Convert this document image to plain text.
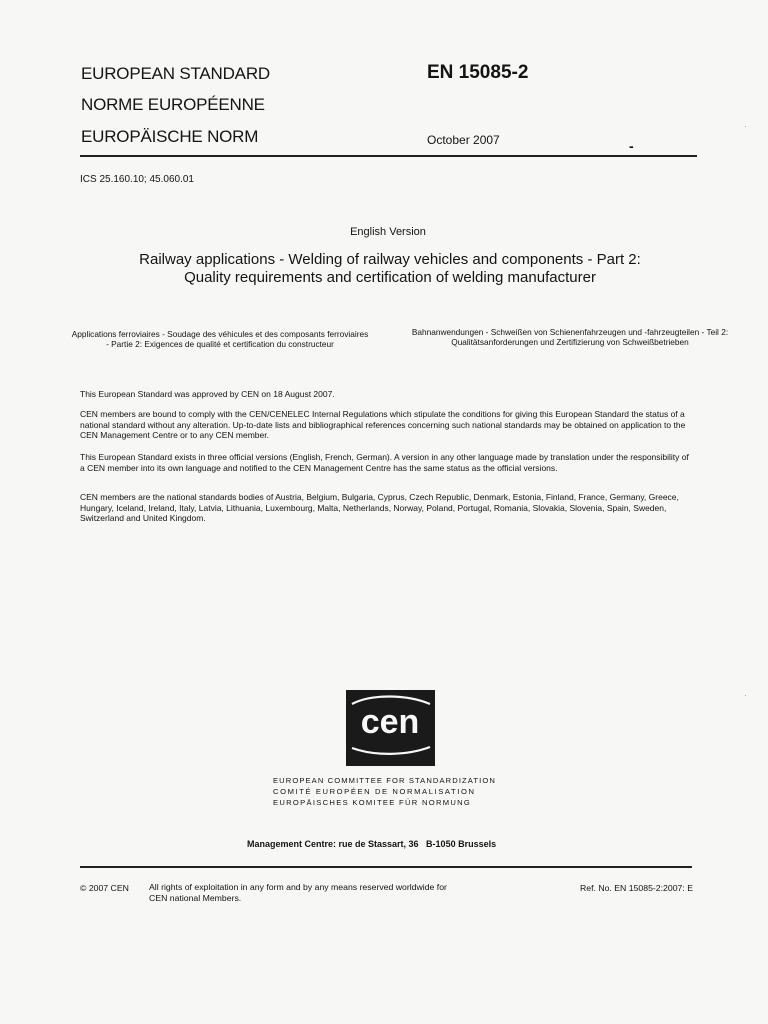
EUROPEAN STANDARD
NORME EUROPÉENNE
EUROPÄISCHE NORM
EN 15085-2
October 2007	-
ICS 25.160.10; 45.060.01
English Version
Railway applications - Welding of railway vehicles and components - Part 2: Quality requirements and certification of welding manufacturer
Applications ferroviaires - Soudage des véhicules et des composants ferroviaires - Partie 2: Exigences de qualité et certification du constructeur
Bahnanwendungen - Schweißen von Schienenfahrzeugen und -fahrzeugteilen - Teil 2: Qualitätsanforderungen und Zertifizierung von Schweißbetrieben
This European Standard was approved by CEN on 18 August 2007.
CEN members are bound to comply with the CEN/CENELEC Internal Regulations which stipulate the conditions for giving this European Standard the status of a national standard without any alteration. Up-to-date lists and bibliographical references concerning such national standards may be obtained on application to the CEN Management Centre or to any CEN member.
This European Standard exists in three official versions (English, French, German). A version in any other language made by translation under the responsibility of a CEN member into its own language and notified to the CEN Management Centre has the same status as the official versions.
CEN members are the national standards bodies of Austria, Belgium, Bulgaria, Cyprus, Czech Republic, Denmark, Estonia, Finland, France, Germany, Greece, Hungary, Iceland, Ireland, Italy, Latvia, Lithuania, Luxembourg, Malta, Netherlands, Norway, Poland, Portugal, Romania, Slovakia, Slovenia, Spain, Sweden, Switzerland and United Kingdom.
cen
EUROPEAN COMMITTEE FOR STANDARDIZATION
COMITÉ EUROPÉEN DE NORMALISATION
EUROPÄISCHES KOMITEE FÜR NORMUNG
Management Centre: rue de Stassart, 36   B-1050 Brussels
© 2007 CEN All rights of exploitation in any form and by any means reserved worldwide for CEN national Members.
Ref. No. EN 15085-2:2007: E
·
·
